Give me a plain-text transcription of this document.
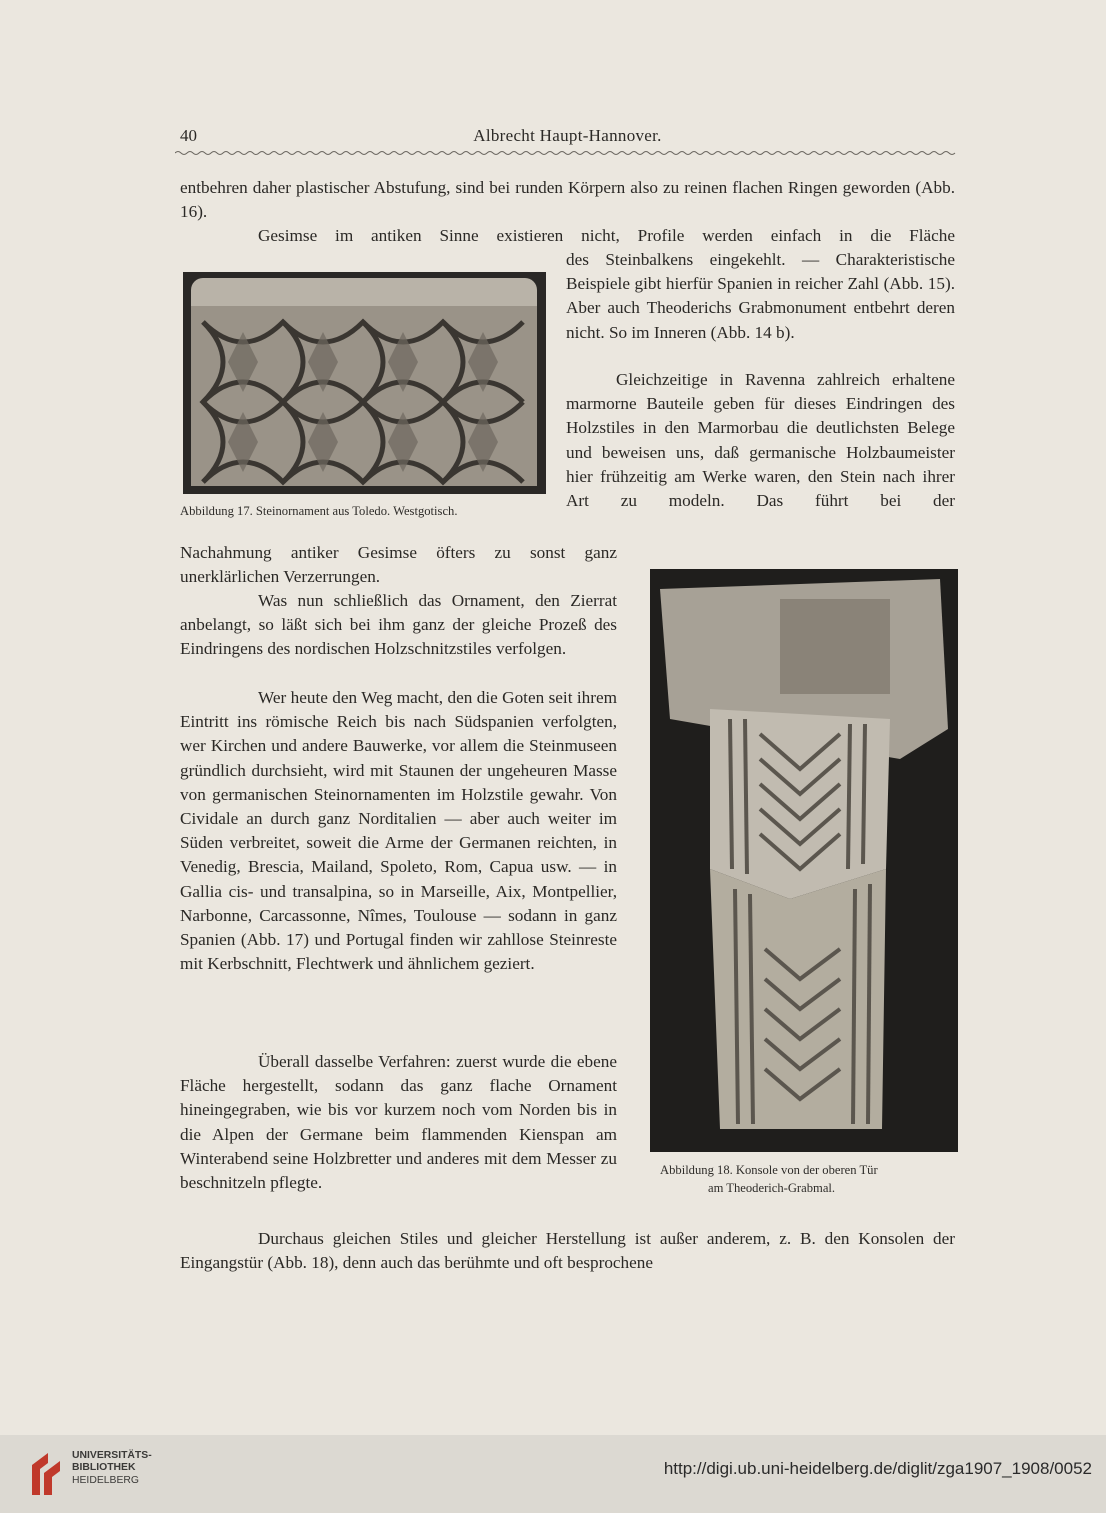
40	Albrecht Haupt-Hannover.

entbehren daher plastischer Abstufung, sind bei runden Körpern also zu reinen flachen Ringen geworden (Abb. 16).

Gesimse im antiken Sinne existieren nicht, Profile werden einfach in die Fläche

des Steinbalkens eingekehlt. — Charakteristische Beispiele gibt hierfür Spanien in reicher Zahl (Abb. 15). Aber auch Theoderichs Grabmonument entbehrt deren nicht. So im Inneren (Abb. 14 b).

Gleichzeitige in Ravenna zahlreich erhaltene marmorne Bauteile geben für dieses Eindringen des Holzstiles in den Marmorbau die deutlichsten Belege und beweisen uns, daß germanische Holzbaumeister hier frühzeitig am Werke waren, den Stein nach ihrer Art zu modeln. Das führt bei der

Nachahmung antiker Gesimse öfters zu sonst ganz unerklärlichen Verzerrungen.

Was nun schließlich das Ornament, den Zierrat anbelangt, so läßt sich bei ihm ganz der gleiche Prozeß des Eindringens des nordischen Holzschnitzstiles verfolgen.

Wer heute den Weg macht, den die Goten seit ihrem Eintritt ins römische Reich bis nach Südspanien verfolgten, wer Kirchen und andere Bauwerke, vor allem die Steinmuseen gründlich durchsieht, wird mit Staunen der ungeheuren Masse von germanischen Steinornamenten im Holzstile gewahr. Von Cividale an durch ganz Norditalien — aber auch weiter im Süden verbreitet, soweit die Arme der Germanen reichten, in Venedig, Brescia, Mailand, Spoleto, Rom, Capua usw. — in Gallia cis- und transalpina, so in Marseille, Aix, Montpellier, Narbonne, Carcassonne, Nîmes, Toulouse — sodann in ganz Spanien (Abb. 17) und Portugal finden wir zahllose Steinreste mit Kerbschnitt, Flechtwerk und ähnlichem geziert.

Überall dasselbe Verfahren: zuerst wurde die ebene Fläche hergestellt, sodann das ganz flache Ornament hineingegraben, wie bis vor kurzem noch vom Norden bis in die Alpen der Germane beim flammenden Kienspan am Winterabend seine Holzbretter und anderes mit dem Messer zu beschnitzeln pflegte.

Durchaus gleichen Stiles und gleicher Herstellung ist außer anderem, z. B. den Konsolen der Eingangstür (Abb. 18), denn auch das berühmte und oft besprochene

Abbildung 17. Steinornament aus Toledo. Westgotisch.
Abbildung 18. Konsole von der oberen Tür
am Theoderich-Grabmal.
UNIVERSITÄTS-
BIBLIOTHEK
HEIDELBERG
http://digi.ub.uni-heidelberg.de/diglit/zga1907_1908/0052
